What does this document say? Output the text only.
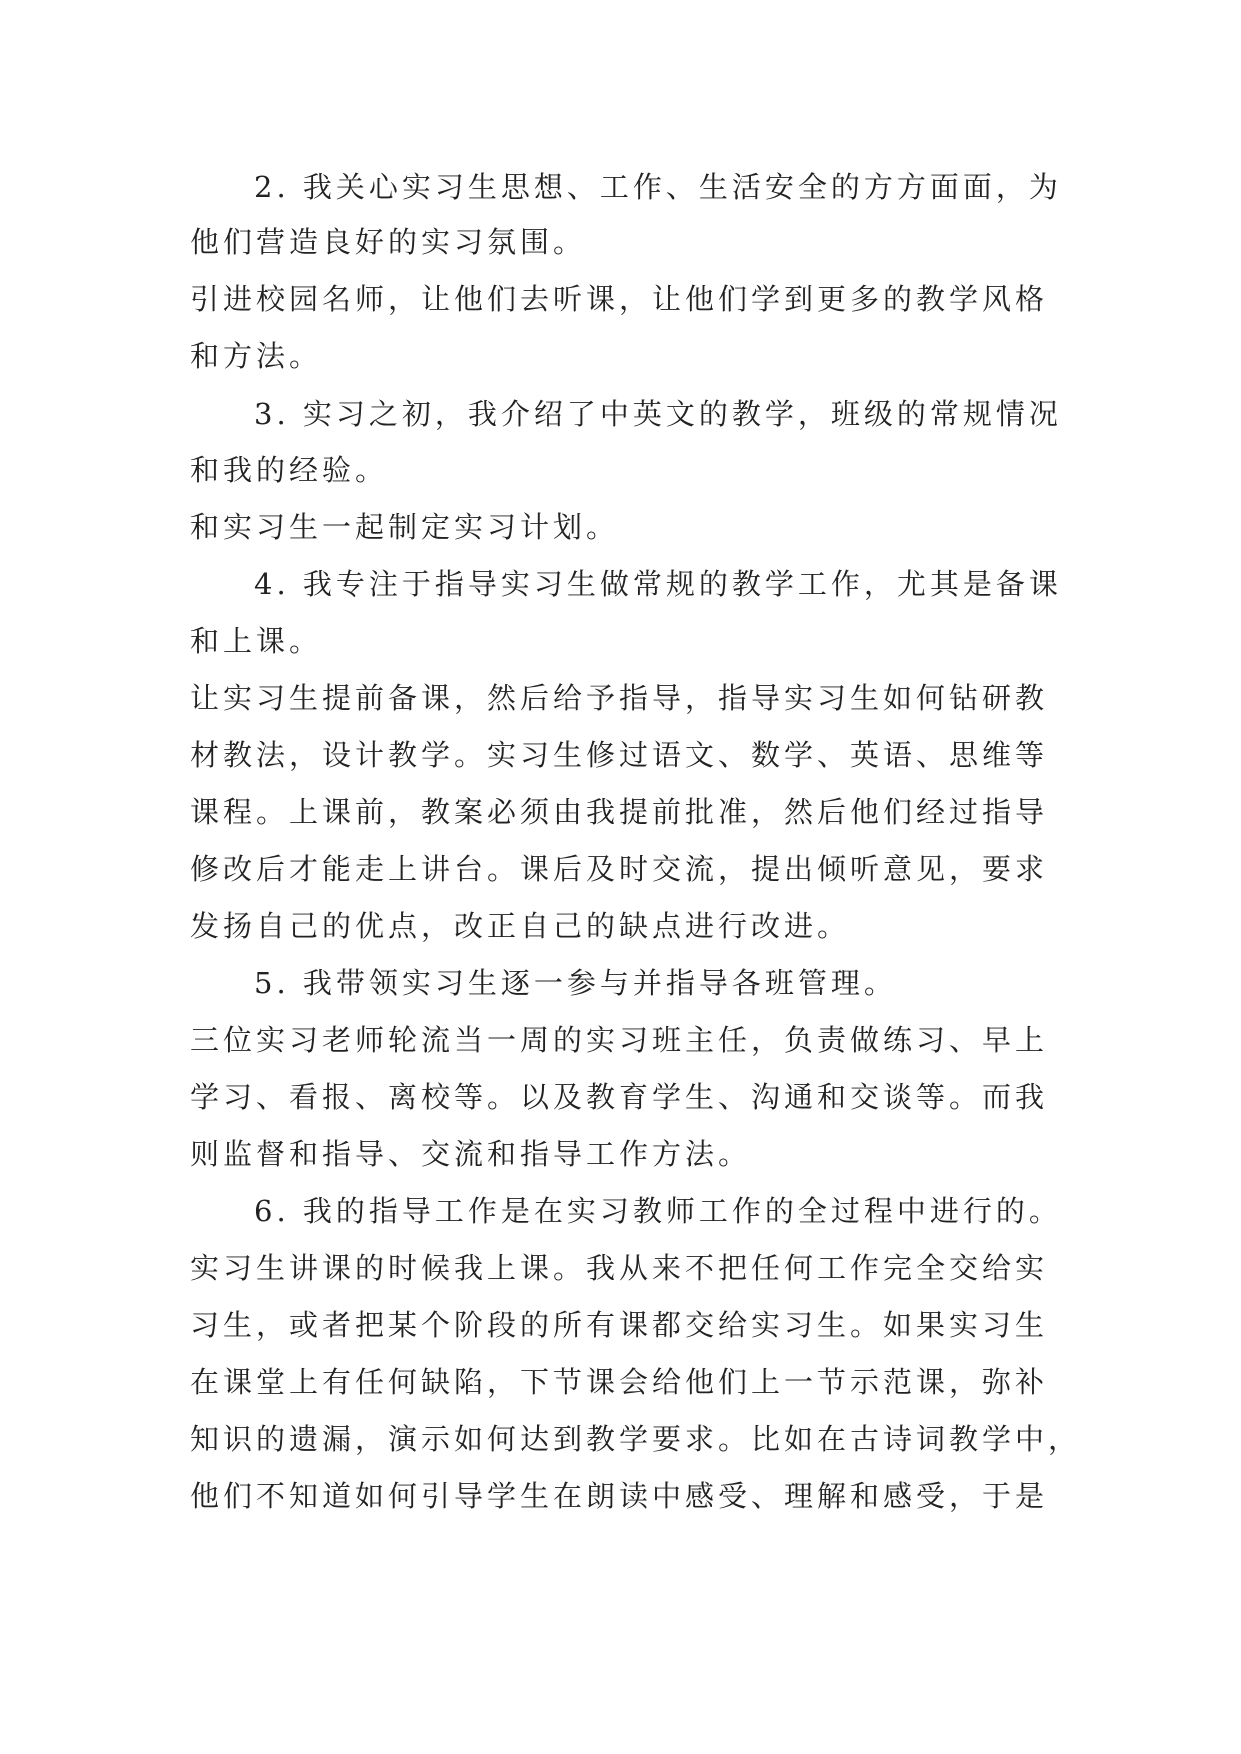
2. 我关心实习生思想、工作、生活安全的方方面面，为
他们营造良好的实习氛围。
引进校园名师，让他们去听课，让他们学到更多的教学风格
和方法。
3. 实习之初，我介绍了中英文的教学，班级的常规情况
和我的经验。
和实习生一起制定实习计划。
4. 我专注于指导实习生做常规的教学工作，尤其是备课
和上课。
让实习生提前备课，然后给予指导，指导实习生如何钻研教
材教法，设计教学。实习生修过语文、数学、英语、思维等
课程。上课前，教案必须由我提前批准，然后他们经过指导
修改后才能走上讲台。课后及时交流，提出倾听意见，要求
发扬自己的优点，改正自己的缺点进行改进。
5. 我带领实习生逐一参与并指导各班管理。
三位实习老师轮流当一周的实习班主任，负责做练习、早上
学习、看报、离校等。以及教育学生、沟通和交谈等。而我
则监督和指导、交流和指导工作方法。
6. 我的指导工作是在实习教师工作的全过程中进行的。
实习生讲课的时候我上课。我从来不把任何工作完全交给实
习生，或者把某个阶段的所有课都交给实习生。如果实习生
在课堂上有任何缺陷，下节课会给他们上一节示范课，弥补
知识的遗漏，演示如何达到教学要求。比如在古诗词教学中，
他们不知道如何引导学生在朗读中感受、理解和感受，于是
